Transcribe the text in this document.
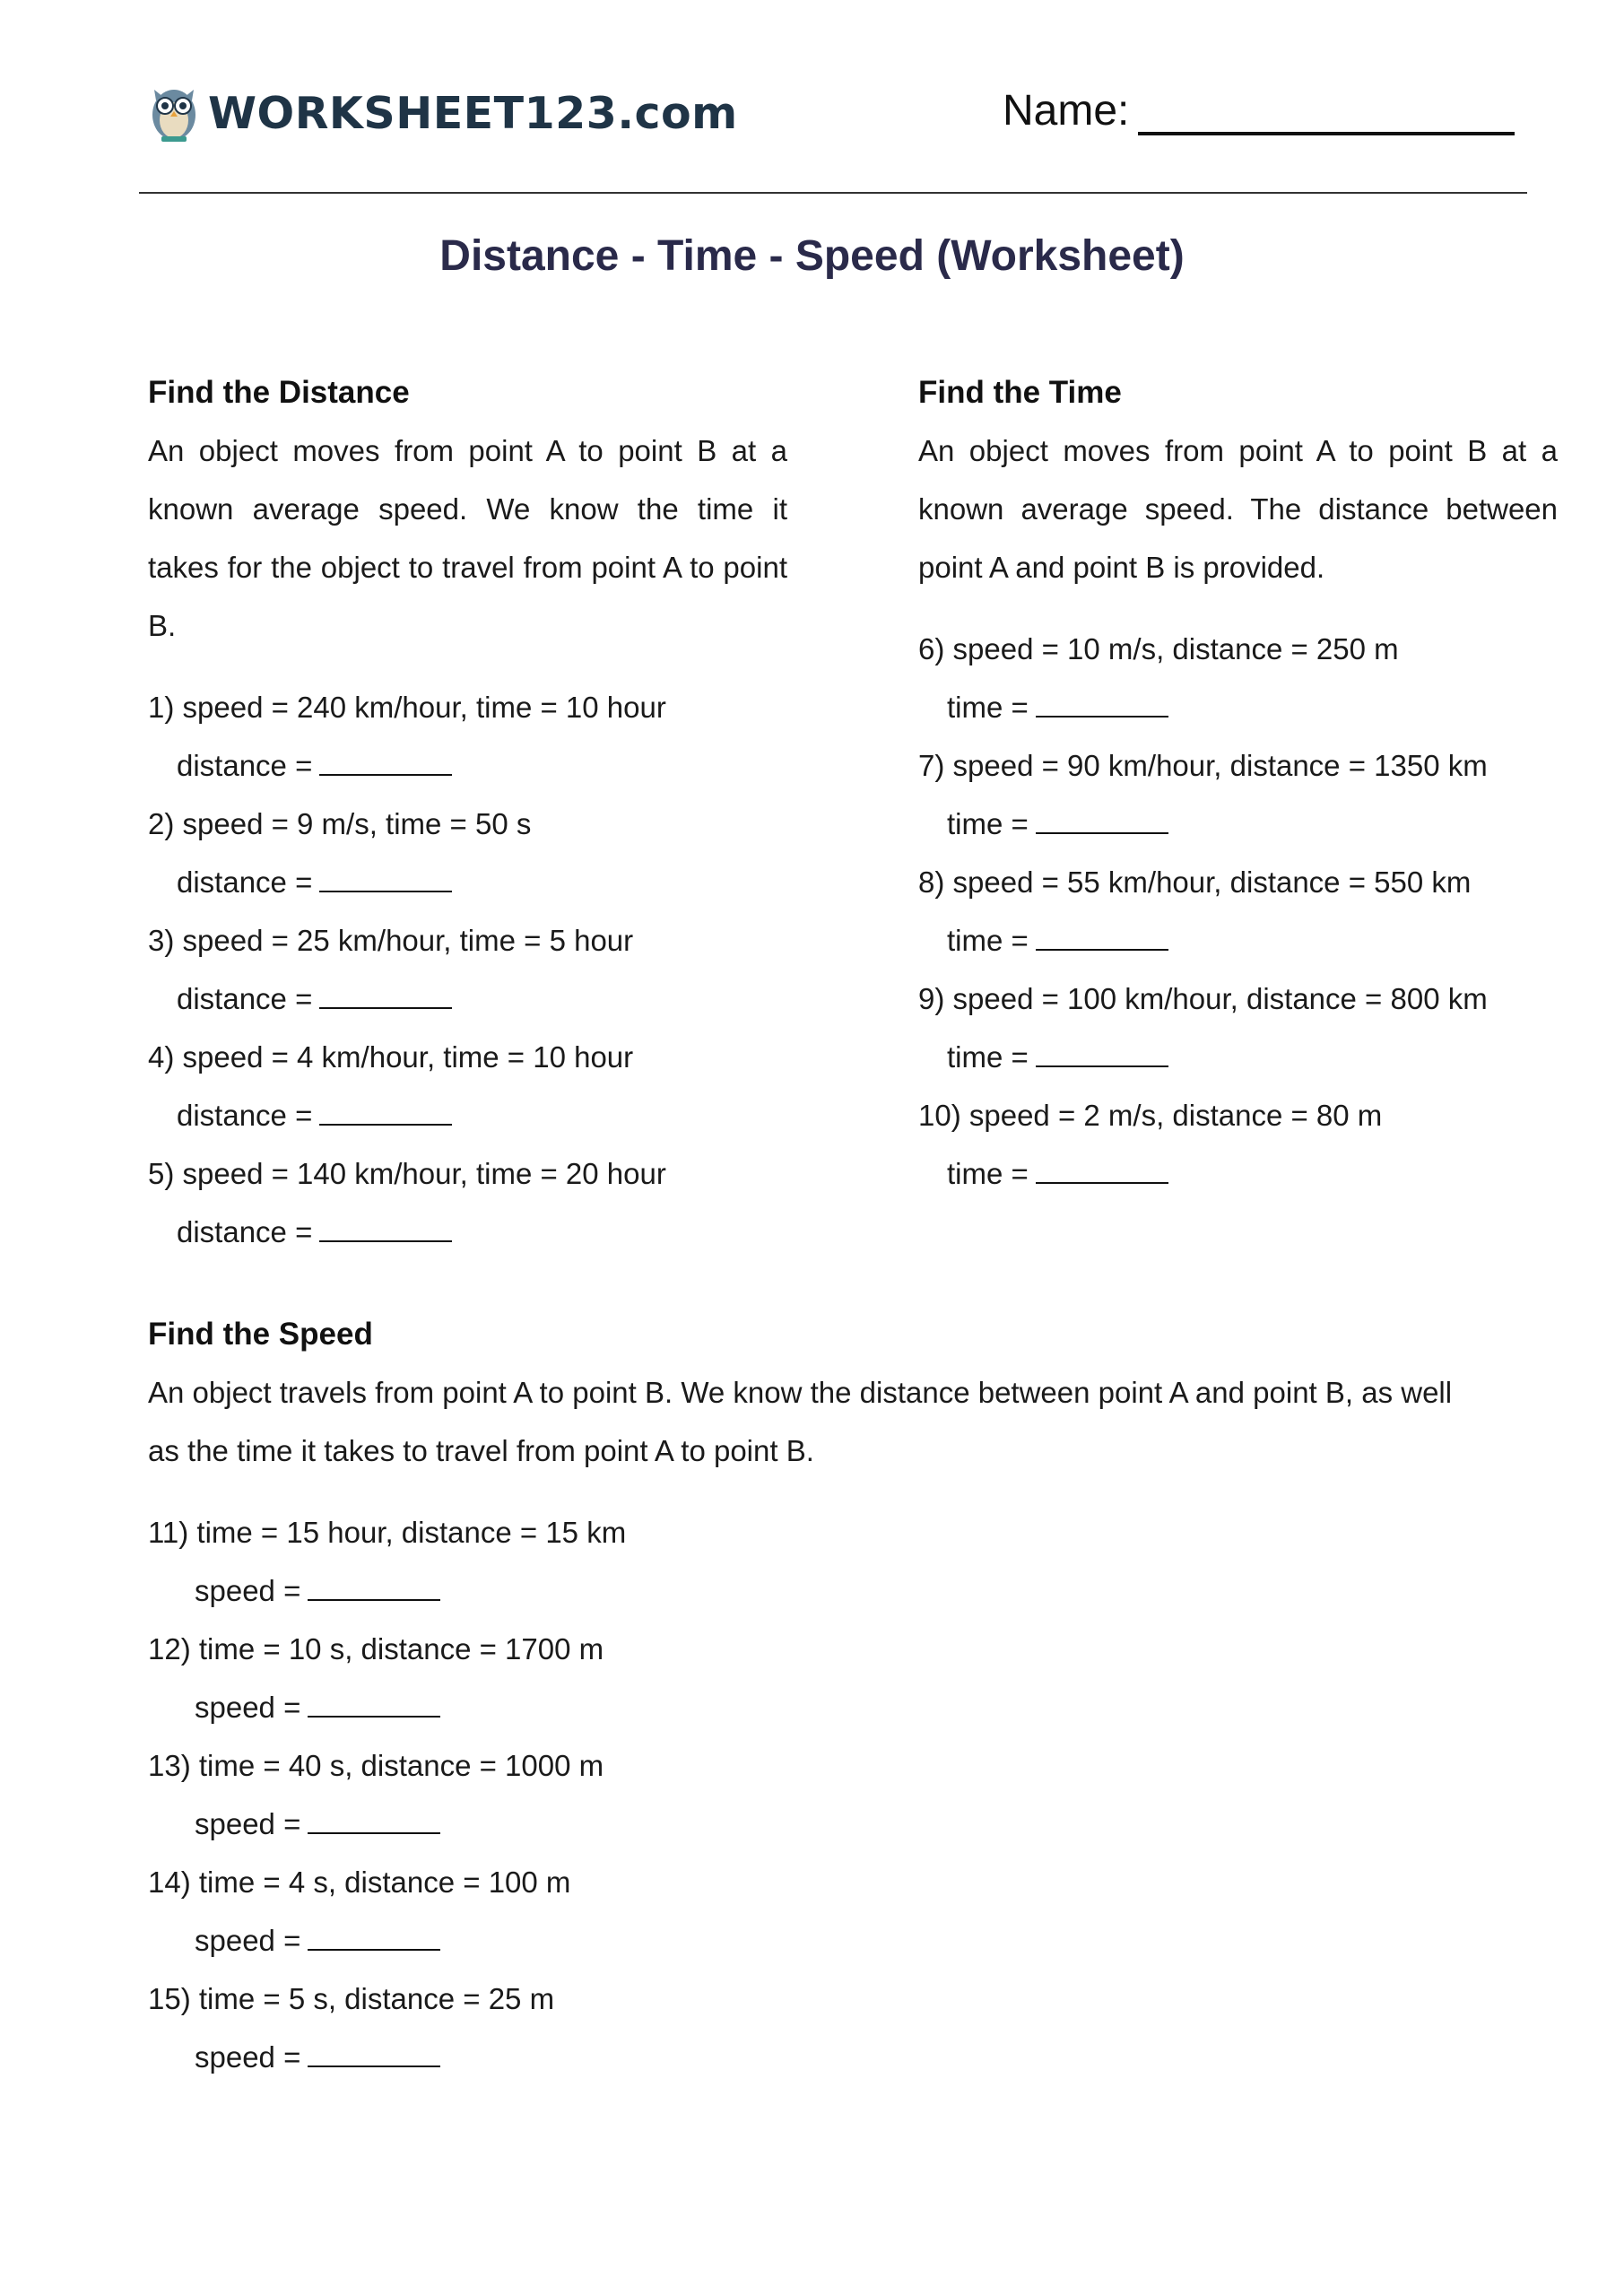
WORKSHEET123.com	Name:
Distance - Time - Speed (Worksheet)

Find the Distance

An object moves from point A to point B at a known average speed. We know the time it takes for the object to travel from point A to point B.

1) speed = 240 km/hour, time = 10 hour
distance =
2) speed = 9 m/s, time = 50 s
distance =
3) speed = 25 km/hour, time = 5 hour
distance =
4) speed = 4 km/hour, time = 10 hour
distance =
5) speed = 140 km/hour, time = 20 hour
distance =

Find the Time

An object moves from point A to point B at a known average speed. The distance between point A and point B is provided.

6) speed = 10 m/s, distance = 250 m
time =
7) speed = 90 km/hour, distance = 1350 km
time =
8) speed = 55 km/hour, distance = 550 km
time =
9) speed = 100 km/hour, distance = 800 km
time =
10) speed = 2 m/s, distance = 80 m
time =

Find the Speed

An object travels from point A to point B. We know the distance between point A and point B, as well as the time it takes to travel from point A to point B.

11) time = 15 hour, distance = 15 km
speed =
12) time = 10 s, distance = 1700 m
speed =
13) time = 40 s, distance = 1000 m
speed =
14) time = 4 s, distance = 100 m
speed =
15) time = 5 s, distance = 25 m
speed =
